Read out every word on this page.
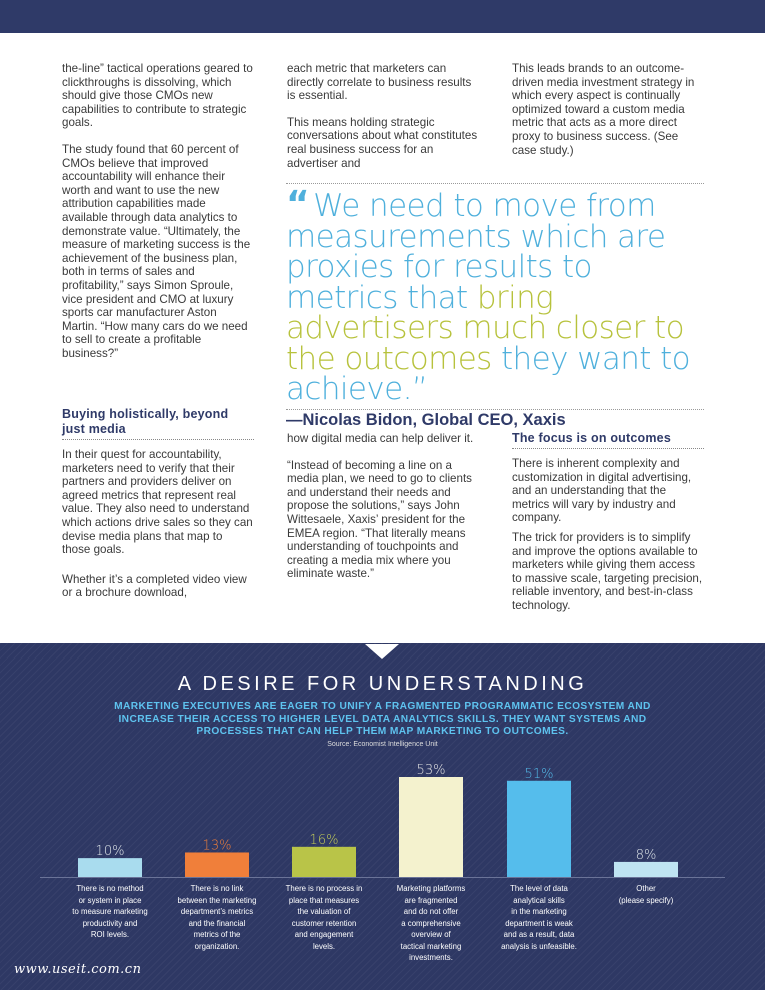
the-line” tactical operations geared to clickthroughs is dissolving, which should give those CMOs new capabilities to contribute to strategic goals.

The study found that 60 percent of CMOs believe that improved accountability will enhance their worth and want to use the new attribution capabilities made available through data analytics to demonstrate value. “Ultimately, the measure of marketing success is the achievement of the business plan, both in terms of sales and profitability,” says Simon Sproule, vice president and CMO at luxury sports car manufacturer Aston Martin. “How many cars do we need to sell to create a profitable business?”

each metric that marketers can directly correlate to business results is essential.

This means holding strategic conversations about what constitutes real business success for an advertiser and

This leads brands to an outcome-driven media investment strategy in which every aspect is continually optimized toward a custom media metric that acts as a more direct proxy to business success. (See case study.)

“ We need to move from measurements which are proxies for results to metrics that bring advertisers much closer to the outcomes they want to achieve.”
—Nicolas Bidon, Global CEO, Xaxis
Buying holistically, beyond just media

In their quest for accountability, marketers need to verify that their partners and providers deliver on agreed metrics that represent real value. They also need to understand which actions drive sales so they can devise media plans that map to those goals.

Whether it’s a completed video view or a brochure download,

how digital media can help deliver it.

“Instead of becoming a line on a media plan, we need to go to clients and understand their needs and propose the solutions,” says John Wittesaele, Xaxis’ president for the EMEA region. “That literally means understanding of touchpoints and creating a media mix where you eliminate waste.”

The focus is on outcomes

There is inherent complexity and customization in digital advertising, and an understanding that the metrics will vary by industry and company.

The trick for providers is to simplify and improve the options available to marketers while giving them access to massive scale, targeting precision, reliable inventory, and best-in-class technology.

A DESIRE FOR UNDERSTANDING
MARKETING EXECUTIVES ARE EAGER TO UNIFY A FRAGMENTED PROGRAMMATIC ECOSYSTEM AND INCREASE THEIR ACCESS TO HIGHER LEVEL DATA ANALYTICS SKILLS. THEY WANT SYSTEMS AND PROCESSES THAT CAN HELP THEM MAP MARKETING TO OUTCOMES.
Source: Economist Intelligence Unit
10%	13%	16%
53%	51%
8%
There is no method
or system in place
to measure marketing
productivity and
ROI levels.
There is no link
between the marketing
department’s metrics
and the financial
metrics of the
organization.
There is no process in
place that measures
the valuation of
customer retention
and engagement
levels.
Marketing platforms
are fragmented
and do not offer
a comprehensive
overview of
tactical marketing
investments.
The level of data
analytical skills
in the marketing
department is weak
and as a result, data
analysis is unfeasible.
Other
(please specify)
www.useit.com.cn
